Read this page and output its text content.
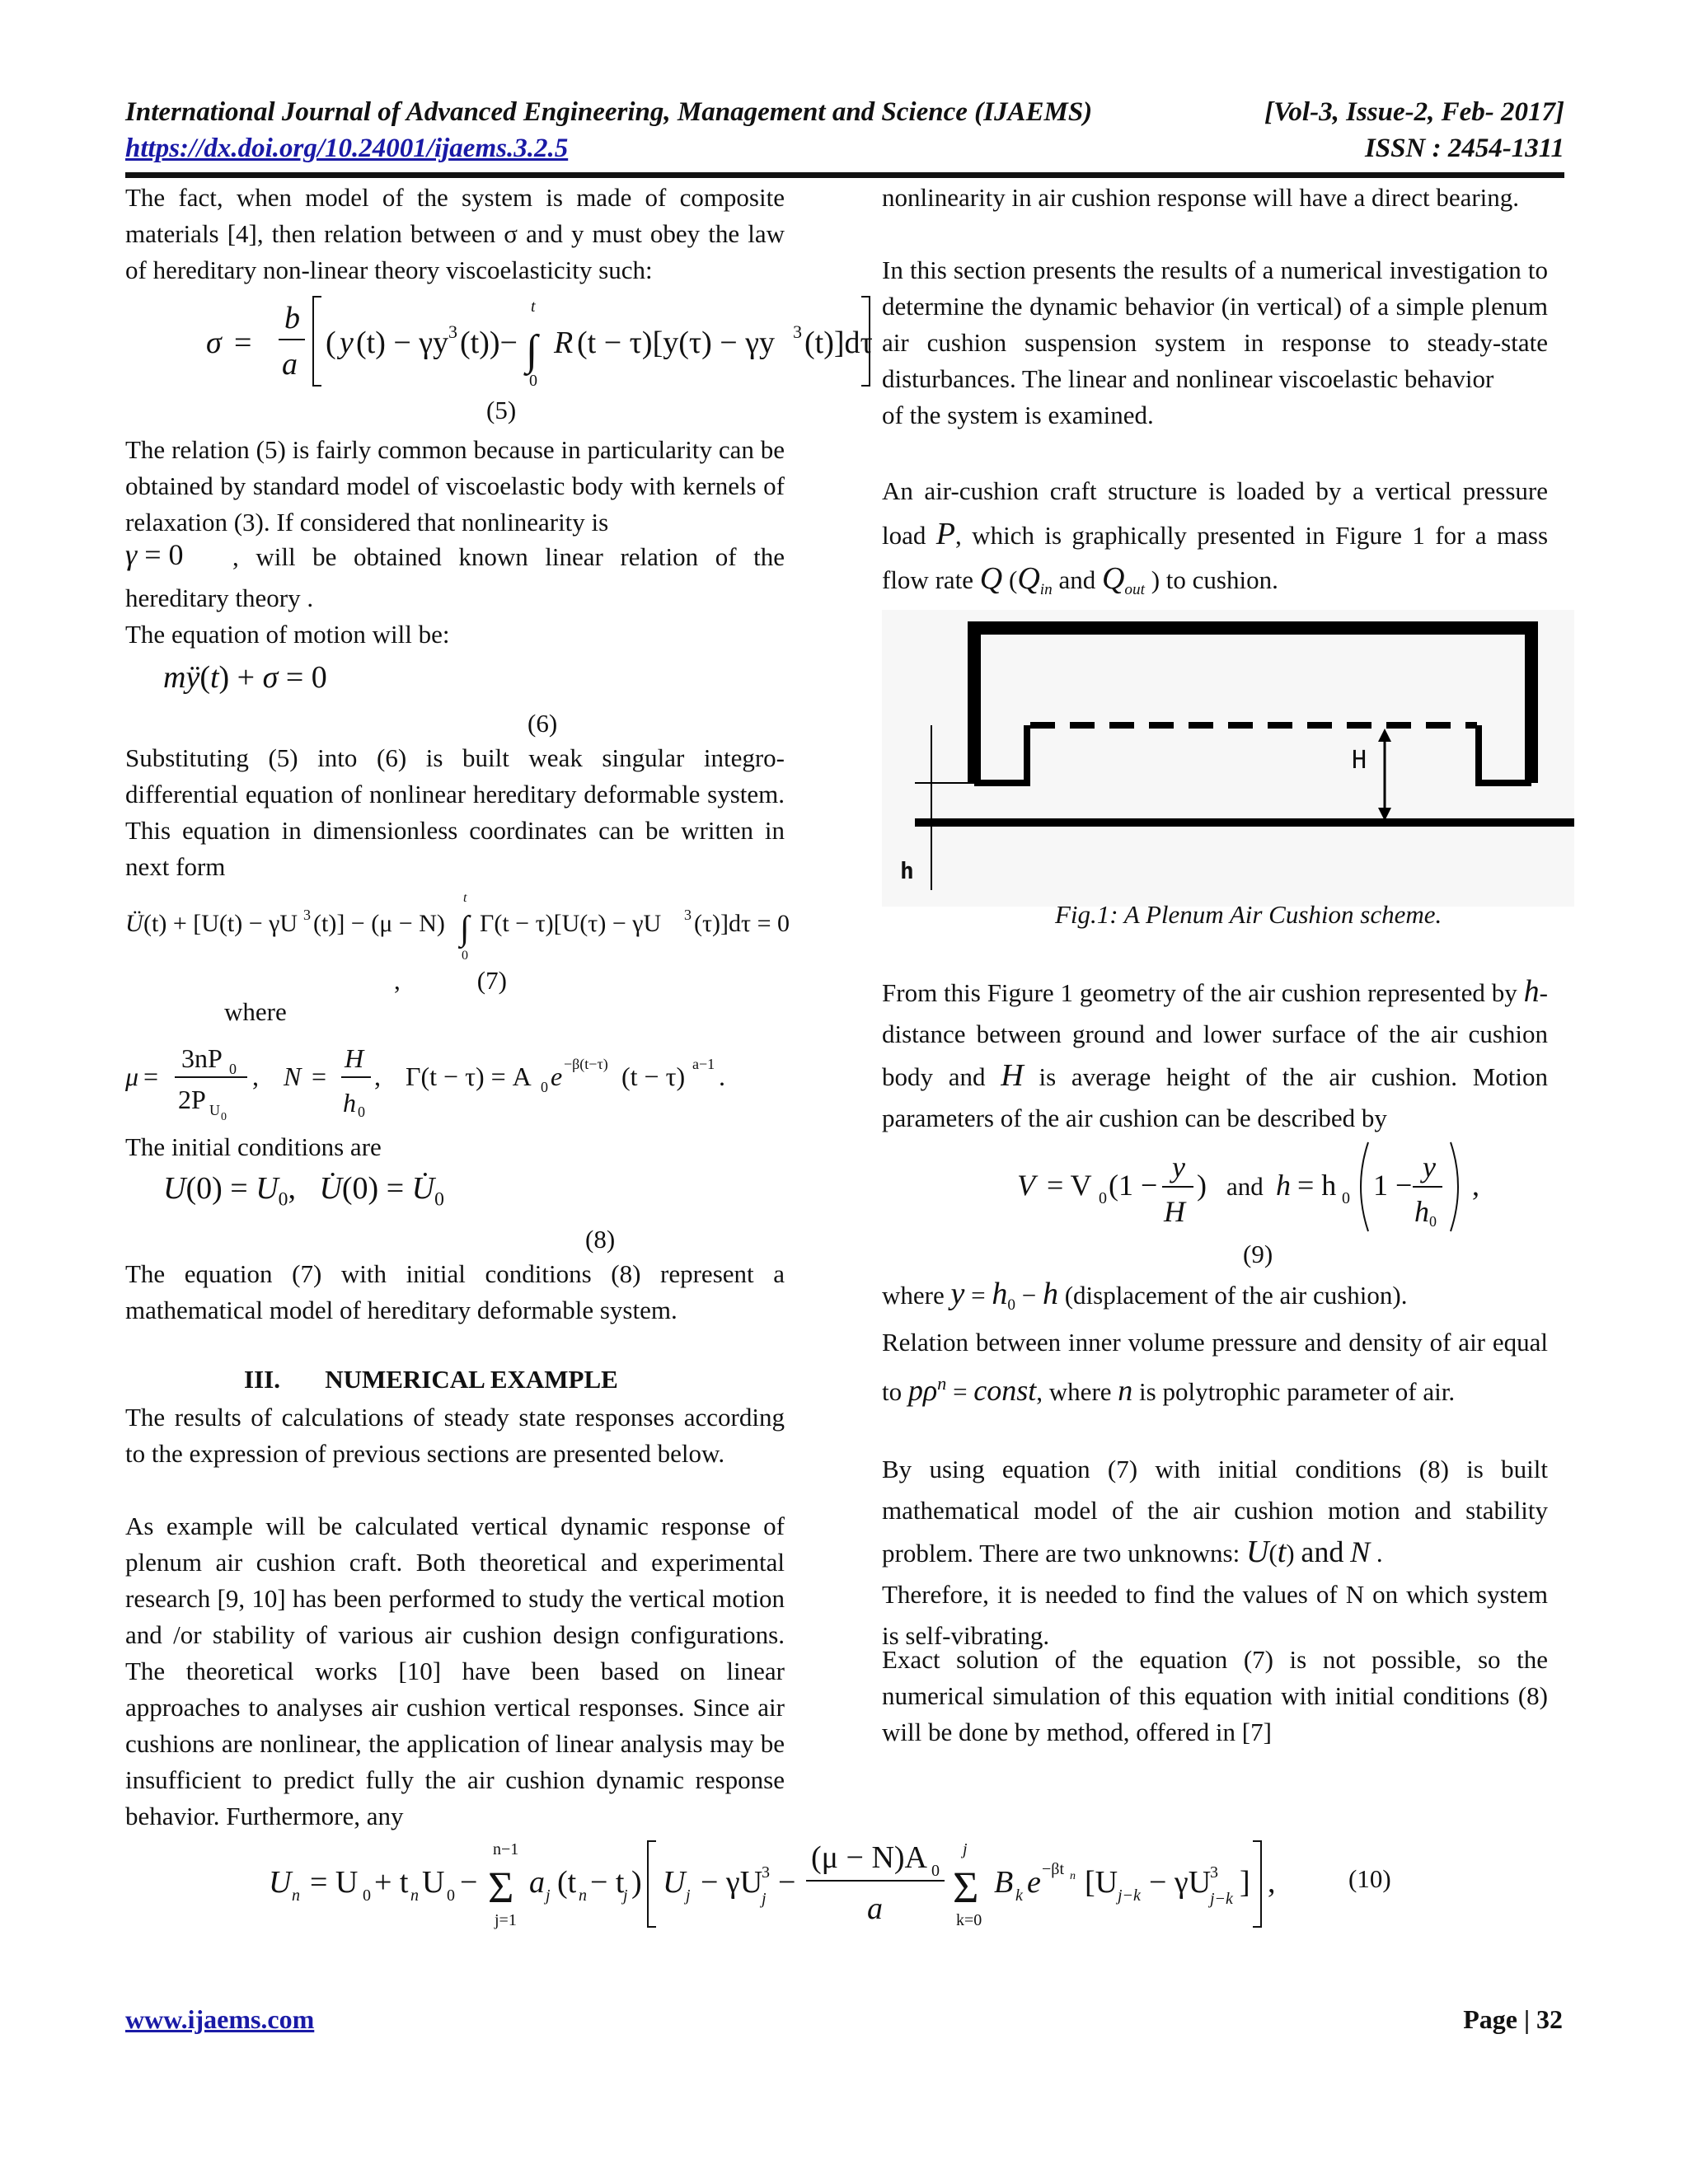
International Journal of Advanced Engineering, Management and Science (IJAEMS)	[Vol-3, Issue-2, Feb- 2017]
https://dx.doi.org/10.24001/ijaems.3.2.5	ISSN : 2454-1311

The fact, when model of the system is made of composite materials [4], then relation between σ and y must obey the law of hereditary non-linear theory viscoelasticity such:

σ =
b
a
( y (t) − γy 3 (t))− ∫
t
0
R (t − τ)[y(τ) − γy 3 (t)]dτ
(5)

The relation (5) is fairly common because in particularity can be obtained by standard model of viscoelastic body with kernels of relaxation (3). If considered that nonlinearity is

γ = 0 , will be obtained known linear relation of the
hereditary theory .
The equation of motion will be:
mÿ(t) + σ = 0
(6)

Substituting (5) into (6) is built weak singular integro-differential equation of nonlinear hereditary deformable system. This equation in dimensionless coordinates can be written in next form

Ü (t) + [U(t) − γU 3 (t)] − (μ − N) ∫
t
0
Γ(t − τ)[U(τ) − γU 3 (τ)]dτ = 0
,            (7)
where
μ =
3nP 0
2P U 0
, N =
H
h 0
, Γ(t − τ) = A 0 e −β(t−τ) (t − τ) a−1 .
The initial conditions are
$U(0) = U_0$,   U̇(0) = $U̇_0$
(8)

The equation (7) with initial conditions (8) represent a mathematical model of hereditary deformable system.

III.       NUMERICAL EXAMPLE

The results of calculations of steady state responses according to the expression of previous sections are presented below.

As example will be calculated vertical dynamic response of plenum air cushion craft. Both theoretical and experimental research [9, 10] has been performed to study the vertical motion and /or stability of various air cushion design configurations. The theoretical works [10] have been based on linear approaches to analyses air cushion vertical responses. Since air cushions are nonlinear, the application of linear analysis may be insufficient to predict fully the air cushion dynamic response behavior. Furthermore, any

nonlinearity in air cushion response will have a direct bearing.

In this section presents the results of a numerical investigation to determine the dynamic behavior (in vertical) of a simple plenum air cushion suspension system in response to steady-state disturbances. The linear and nonlinear viscoelastic behavior

of the system is examined.

An air-cushion craft structure is loaded by a vertical pressure load P, which is graphically presented in Figure 1 for a mass flow rate Q ($Q_{in}$ and $Q_{out}$ ) to cushion.

H
h
Fig.1: A Plenum Air Cushion scheme.

From this Figure 1 geometry of the air cushion represented by h-distance between ground and lower surface of the air cushion body and H is average height of the air cushion. Motion parameters of the air cushion can be described by

V = V 0 (1 −
y
H
) and h = h 0 1 −
y
h 0
,
(9)
where $y = h_0 - h$ (displacement of the air cushion).

Relation between inner volume pressure and density of air equal to $p\rho^n$ = const, where n is polytrophic parameter of air.

By using equation (7) with initial conditions (8) is built mathematical model of the air cushion motion and stability problem. There are two unknowns: U(t) and N .

Therefore, it is needed to find the values of N on which system is self-vibrating.

Exact solution of the equation (7) is not possible, so the numerical simulation of this equation with initial conditions (8) will be done by method, offered in [7]

U n = U 0 + t n U 0 − Σ
n−1
j=1
a j (t n − t
j ) U j − γU
3
j −
(μ − N)A 0
a Σ
j
k=0
B k e −βt n [U j−k − γU
3
j−k ] ,	(10)
www.ijaems.com	Page | 32
